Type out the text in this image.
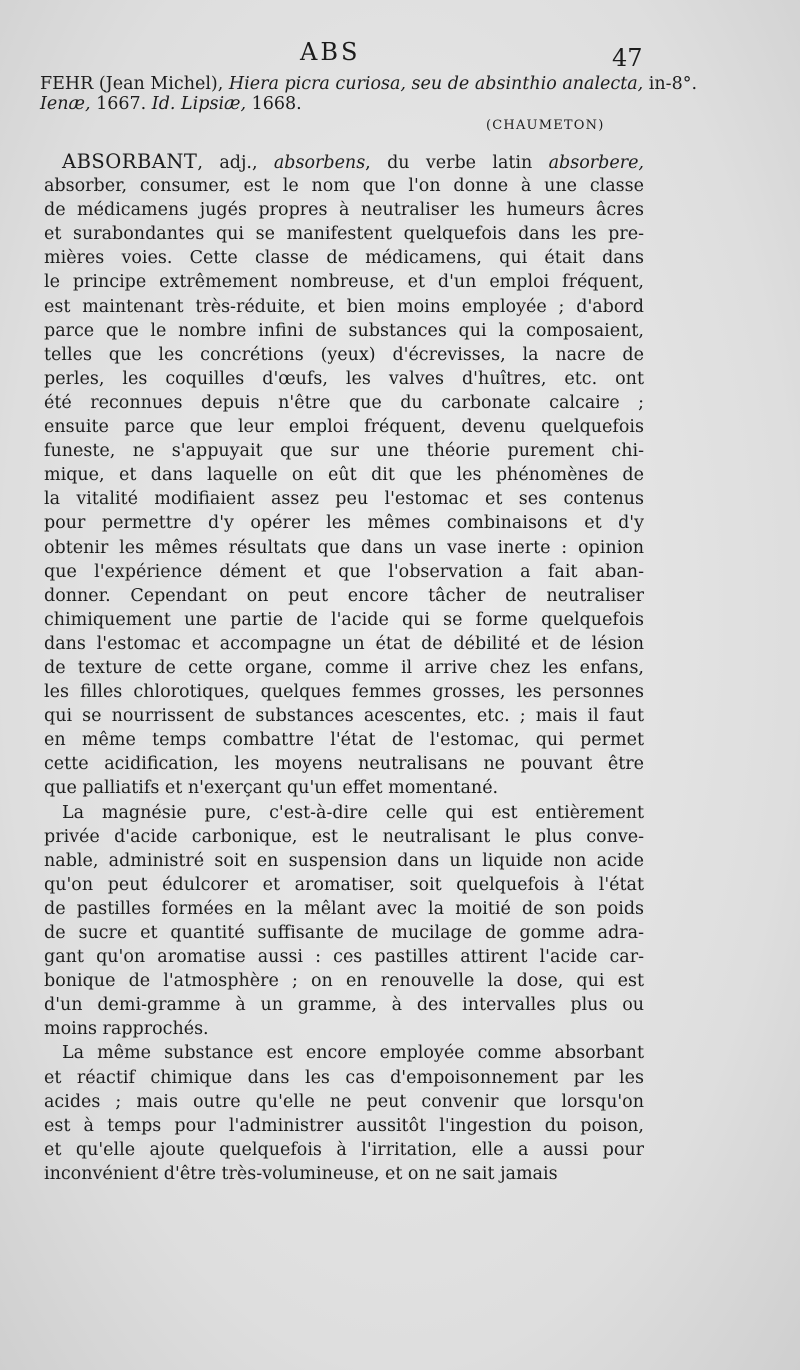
ABS	47

FEHR (Jean Michel), Hiera picra curiosa, seu de absinthio analecta, in-8°.

Ienæ, 1667. Id. Lipsiæ, 1668.

(CHAUMETON)
ABSORBANT, adj., absorbens, du verbe latin absorbere,
absorber, consumer, est le nom que l'on donne à une classe
de médicamens jugés propres à neutraliser les humeurs âcres
et surabondantes qui se manifestent quelquefois dans les pre-
mières voies. Cette classe de médicamens, qui était dans
le principe extrêmement nombreuse, et d'un emploi fréquent,
est maintenant très-réduite, et bien moins employée ; d'abord
parce que le nombre infini de substances qui la composaient,
telles que les concrétions (yeux) d'écrevisses, la nacre de
perles, les coquilles d'œufs, les valves d'huîtres, etc. ont
été reconnues depuis n'être que du carbonate calcaire ;
ensuite parce que leur emploi fréquent, devenu quelquefois
funeste, ne s'appuyait que sur une théorie purement chi-
mique, et dans laquelle on eût dit que les phénomènes de
la vitalité modifiaient assez peu l'estomac et ses contenus
pour permettre d'y opérer les mêmes combinaisons et d'y
obtenir les mêmes résultats que dans un vase inerte : opinion
que l'expérience dément et que l'observation a fait aban-
donner. Cependant on peut encore tâcher de neutraliser
chimiquement une partie de l'acide qui se forme quelquefois
dans l'estomac et accompagne un état de débilité et de lésion
de texture de cette organe, comme il arrive chez les enfans,
les filles chlorotiques, quelques femmes grosses, les personnes
qui se nourrissent de substances acescentes, etc. ; mais il faut
en même temps combattre l'état de l'estomac, qui permet
cette acidification, les moyens neutralisans ne pouvant être
que palliatifs et n'exerçant qu'un effet momentané.
La magnésie pure, c'est-à-dire celle qui est entièrement
privée d'acide carbonique, est le neutralisant le plus conve-
nable, administré soit en suspension dans un liquide non acide
qu'on peut édulcorer et aromatiser, soit quelquefois à l'état
de pastilles formées en la mêlant avec la moitié de son poids
de sucre et quantité suffisante de mucilage de gomme adra-
gant qu'on aromatise aussi : ces pastilles attirent l'acide car-
bonique de l'atmosphère ; on en renouvelle la dose, qui est
d'un demi-gramme à un gramme, à des intervalles plus ou
moins rapprochés.
La même substance est encore employée comme absorbant
et réactif chimique dans les cas d'empoisonnement par les
acides ; mais outre qu'elle ne peut convenir que lorsqu'on
est à temps pour l'administrer aussitôt l'ingestion du poison,
et qu'elle ajoute quelquefois à l'irritation, elle a aussi pour
inconvénient d'être très-volumineuse, et on ne sait jamais
